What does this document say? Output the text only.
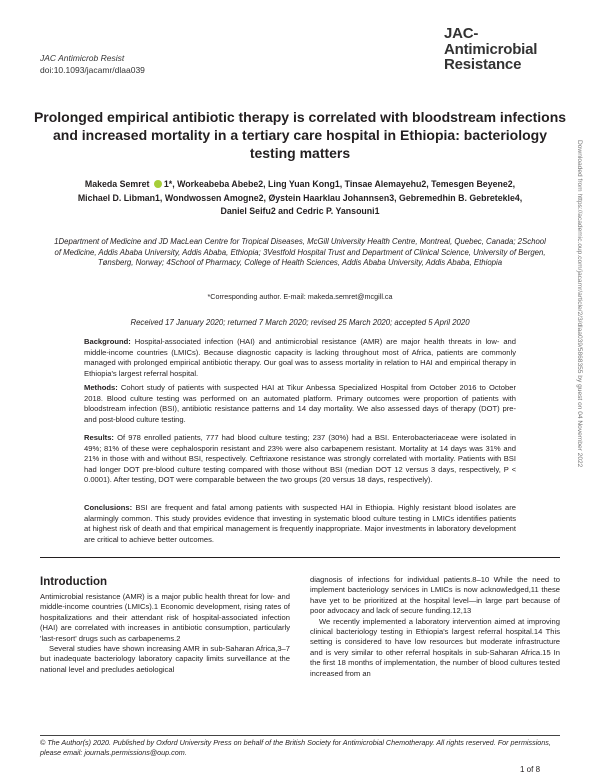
JAC Antimicrob Resist
doi:10.1093/jacamr/dlaa039
JAC-
Antimicrobial
Resistance
Prolonged empirical antibiotic therapy is correlated with bloodstream infections and increased mortality in a tertiary care hospital in Ethiopia: bacteriology testing matters
Makeda Semret 1*, Workeabeba Abebe2, Ling Yuan Kong1, Tinsae Alemayehu2, Temesgen Beyene2,
Michael D. Libman1, Wondwossen Amogne2, Øystein Haarklau Johannsen3, Gebremedhin B. Gebretekle4,
Daniel Seifu2 and Cedric P. Yansouni1
1Department of Medicine and JD MacLean Centre for Tropical Diseases, McGill University Health Centre, Montreal, Quebec, Canada; 2School of Medicine, Addis Ababa University, Addis Ababa, Ethiopia; 3Vestfold Hospital Trust and Department of Clinical Science, University of Bergen, Tønsberg, Norway; 4School of Pharmacy, College of Health Sciences, Addis Ababa University, Addis Ababa, Ethiopia
*Corresponding author. E-mail: makeda.semret@mcgill.ca
Received 17 January 2020; returned 7 March 2020; revised 25 March 2020; accepted 5 April 2020

Background: Hospital-associated infection (HAI) and antimicrobial resistance (AMR) are major health threats in low- and middle-income countries (LMICs). Because diagnostic capacity is lacking throughout most of Africa, patients are commonly managed with prolonged empirical antibiotic therapy. Our goal was to assess mortality in relation to HAI and empirical therapy in Ethiopia's largest referral hospital.

Methods: Cohort study of patients with suspected HAI at Tikur Anbessa Specialized Hospital from October 2016 to October 2018. Blood culture testing was performed on an automated platform. Primary outcomes were proportion of patients with bloodstream infection (BSI), antibiotic resistance patterns and 14 day mortality. We also assessed days of therapy (DOT) pre- and post-blood culture testing.

Results: Of 978 enrolled patients, 777 had blood culture testing; 237 (30%) had a BSI. Enterobacteriaceae were isolated in 49%; 81% of these were cephalosporin resistant and 23% were also carbapenem resistant. Mortality at 14 days was 31% and 21% in those with and without BSI, respectively. Ceftriaxone resistance was strongly correlated with mortality. Patients with BSI had longer DOT pre-blood culture testing compared with those without BSI (median DOT 12 versus 3 days, respectively, P < 0.0001). After testing, DOT were comparable between the two groups (20 versus 18 days, respectively).

Conclusions: BSI are frequent and fatal among patients with suspected HAI in Ethiopia. Highly resistant blood isolates are alarmingly common. This study provides evidence that investing in systematic blood culture testing in LMICs identifies patients at highest risk of death and that empirical management is frequently inappropriate. Major investments in laboratory development are critical to achieve better outcomes.

Introduction

Antimicrobial resistance (AMR) is a major public health threat for low- and middle-income countries (LMICs).1 Economic development, rising rates of hospitalizations and their attendant risk of hospital-associated infection (HAI) are correlated with increases in antibiotic consumption, particularly 'last-resort' drugs such as carbapenems.2

Several studies have shown increasing AMR in sub-Saharan Africa,3–7 but inadequate bacteriology laboratory capacity limits surveillance at the national level and precludes aetiological

diagnosis of infections for individual patients.8–10 While the need to implement bacteriology services in LMICs is now acknowledged,11 these have yet to be prioritized at the hospital level—in large part because of poor advocacy and lack of secure funding.12,13

We recently implemented a laboratory intervention aimed at improving clinical bacteriology testing in Ethiopia's largest referral hospital.14 This setting is considered to have low resources but moderate infrastructure and is very similar to other referral hospitals in sub-Saharan Africa.15 In the first 18 months of implementation, the number of blood cultures tested increased from an

© The Author(s) 2020. Published by Oxford University Press on behalf of the British Society for Antimicrobial Chemotherapy. All rights reserved. For permissions, please email: journals.permissions@oup.com.
1 of 8
Downloaded from https://academic.oup.com/jacamr/article/2/3/dlaa039/5868355 by guest on 04 November 2022
